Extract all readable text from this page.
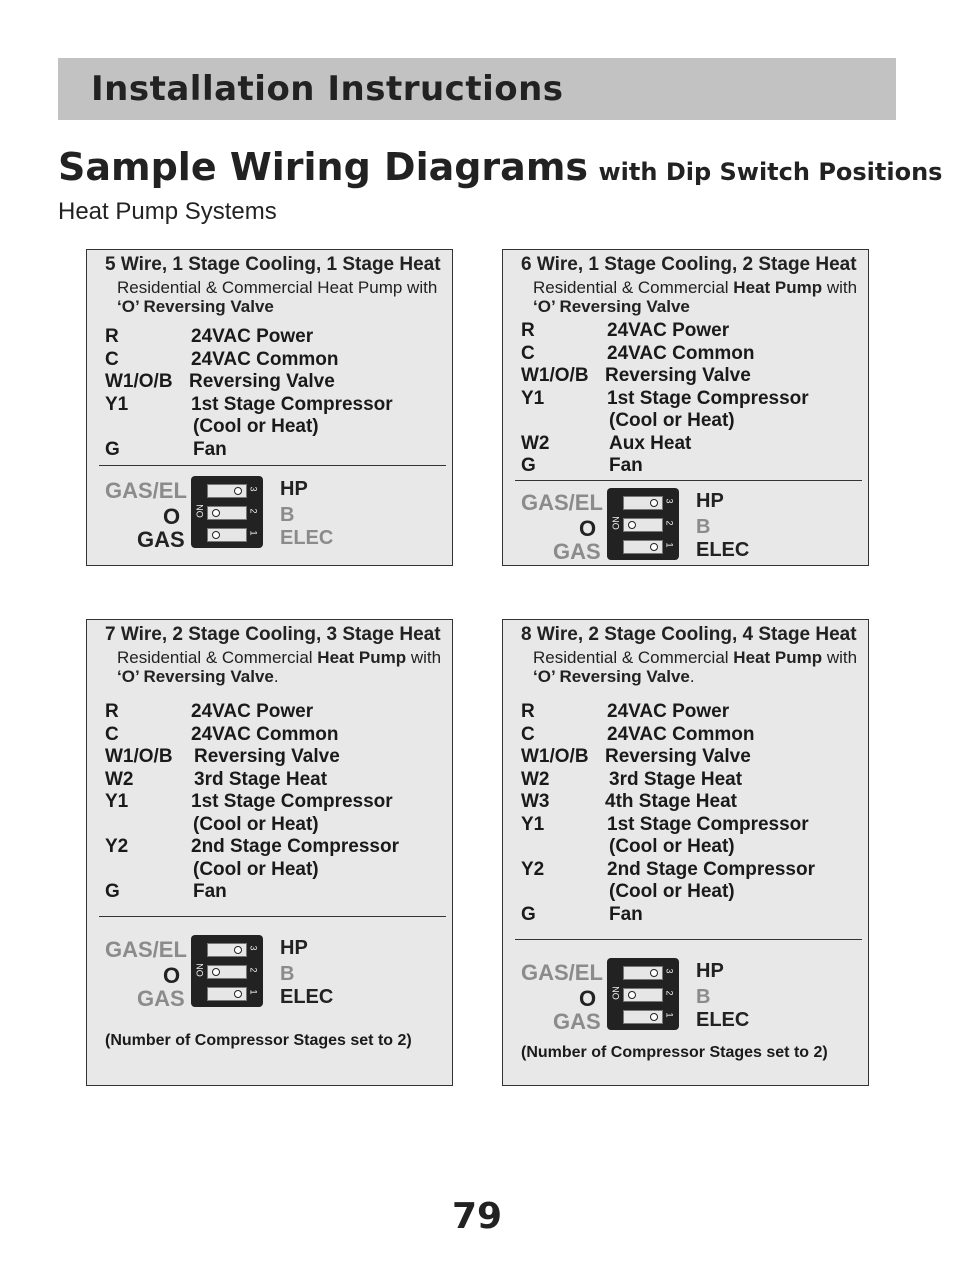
Installation Instructions
Sample Wiring Diagrams with Dip Switch Positions
Heat Pump Systems
5 Wire, 1 Stage Cooling, 1 Stage Heat
Residential & Commercial Heat Pump with
‘O’ Reversing Valve
R	24VAC Power
C	24VAC Common
W1/O/B Reversing Valve
Y1	1st Stage Compressor
(Cool or Heat)
G	Fan
GAS/EL
O
GAS
ON
3
2
1
HP
B
ELEC
6 Wire, 1 Stage Cooling, 2 Stage Heat
Residential & Commercial Heat Pump with
‘O’ Reversing Valve
R	24VAC Power
C	24VAC Common
W1/O/B Reversing Valve
Y1	1st Stage Compressor
(Cool or Heat)
W2	Aux Heat
G	Fan
GAS/EL
O
GAS
ON
3
2
1
HP
B
ELEC
7 Wire, 2 Stage Cooling, 3 Stage Heat
Residential & Commercial Heat Pump with
‘O’ Reversing Valve.
R	24VAC Power
C	24VAC Common
W1/O/B Reversing Valve
W2	3rd Stage Heat
Y1	1st Stage Compressor
(Cool or Heat)
Y2	2nd Stage Compressor
(Cool or Heat)
G	Fan
GAS/EL
O
GAS
ON
3
2
1
HP
B
ELEC
(Number of Compressor Stages set to 2)
8 Wire, 2 Stage Cooling, 4 Stage Heat
Residential & Commercial Heat Pump with
‘O’ Reversing Valve.
R	24VAC Power
C	24VAC Common
W1/O/B Reversing Valve
W2	3rd Stage Heat
W3	4th Stage Heat
Y1	1st Stage Compressor
(Cool or Heat)
Y2	2nd Stage Compressor
(Cool or Heat)
G	Fan
GAS/EL
O
GAS
ON
3
2
1
HP
B
ELEC
(Number of Compressor Stages set to 2)
79
